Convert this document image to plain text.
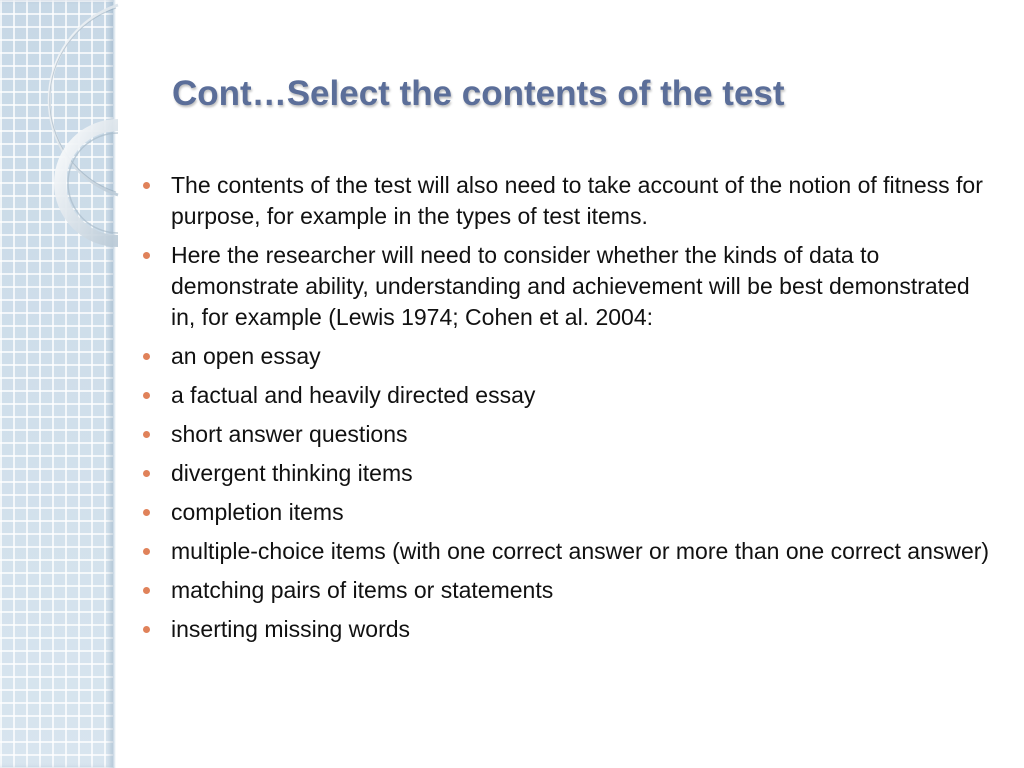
Cont…Select the contents of the test
The contents of the test will also need to take account of the notion of fitness for purpose, for example in the types of test items.
Here the researcher will need to consider whether the kinds of data to demonstrate ability, understanding and achievement will be best demonstrated in, for example (Lewis 1974; Cohen et al. 2004:
an open essay
a factual and heavily directed essay
short answer questions
divergent thinking items
completion items
multiple-choice items (with one correct answer or more than one correct answer)
matching pairs of items or statements
inserting missing words
